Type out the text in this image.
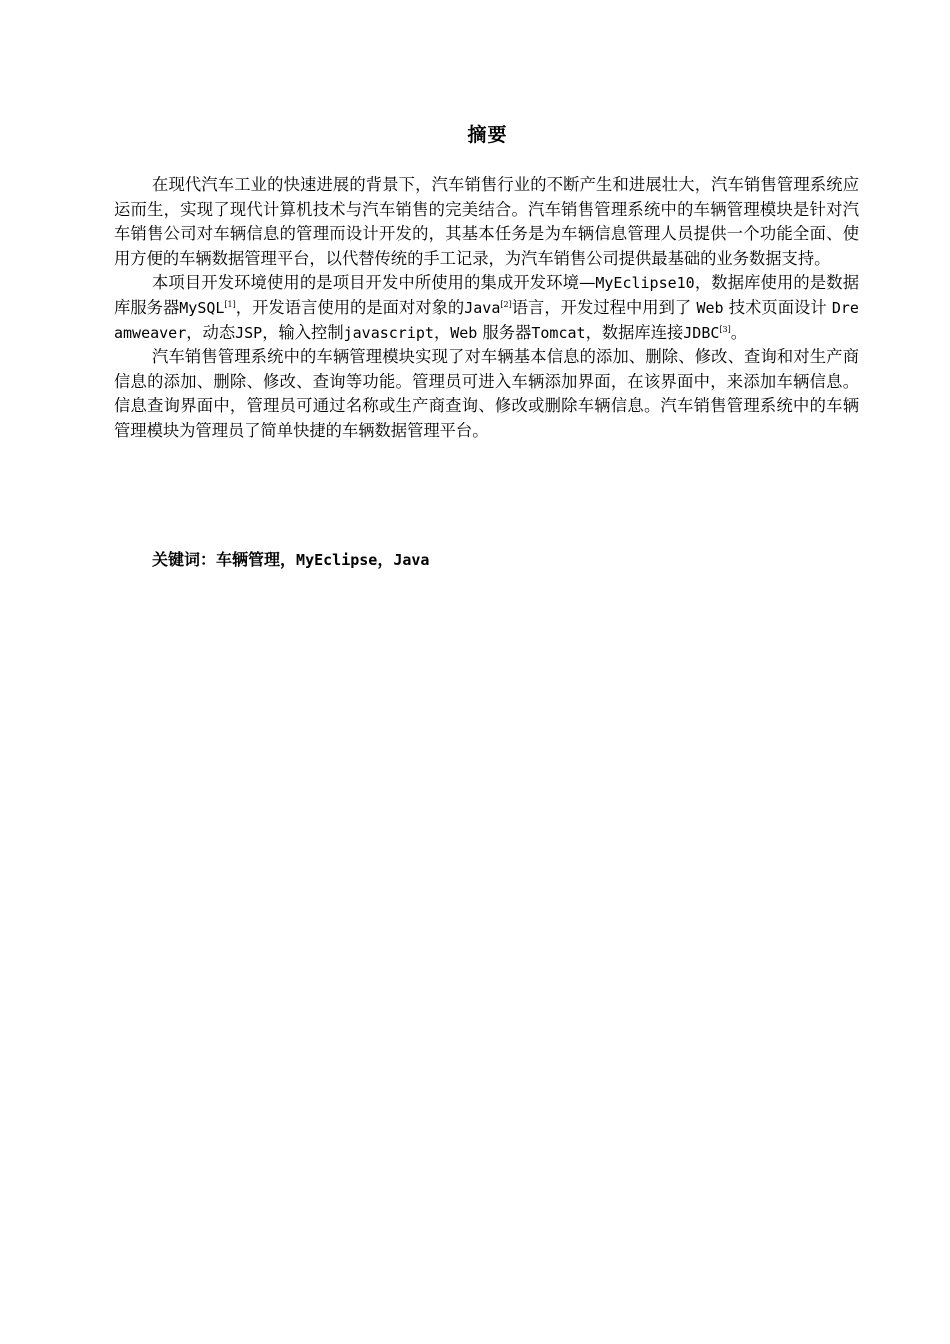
摘要

在现代汽车工业的快速进展的背景下，汽车销售行业的不断产生和进展壮大，汽车销售管理系统应运而生，实现了现代计算机技术与汽车销售的完美结合。汽车销售管理系统中的车辆管理模块是针对汽车销售公司对车辆信息的管理而设计开发的，其基本任务是为车辆信息管理人员提供一个功能全面、使用方便的车辆数据管理平台，以代替传统的手工记录，为汽车销售公司提供最基础的业务数据支持。

本项目开发环境使用的是项目开发中所使用的集成开发环境—MyEclipse10，数据库使用的是数据库服务器MySQL[1]，开发语言使用的是面对对象的Java[2]语言，开发过程中用到了 Web 技术页面设计 Dreamweaver，动态JSP，输入控制javascript，Web 服务器Tomcat，数据库连接JDBC[3]。

汽车销售管理系统中的车辆管理模块实现了对车辆基本信息的添加、删除、修改、查询和对生产商信息的添加、删除、修改、查询等功能。管理员可进入车辆添加界面，在该界面中，来添加车辆信息。信息查询界面中，管理员可通过名称或生产商查询、修改或删除车辆信息。汽车销售管理系统中的车辆管理模块为管理员了简单快捷的车辆数据管理平台。

关键词：车辆管理，MyEclipse，Java
